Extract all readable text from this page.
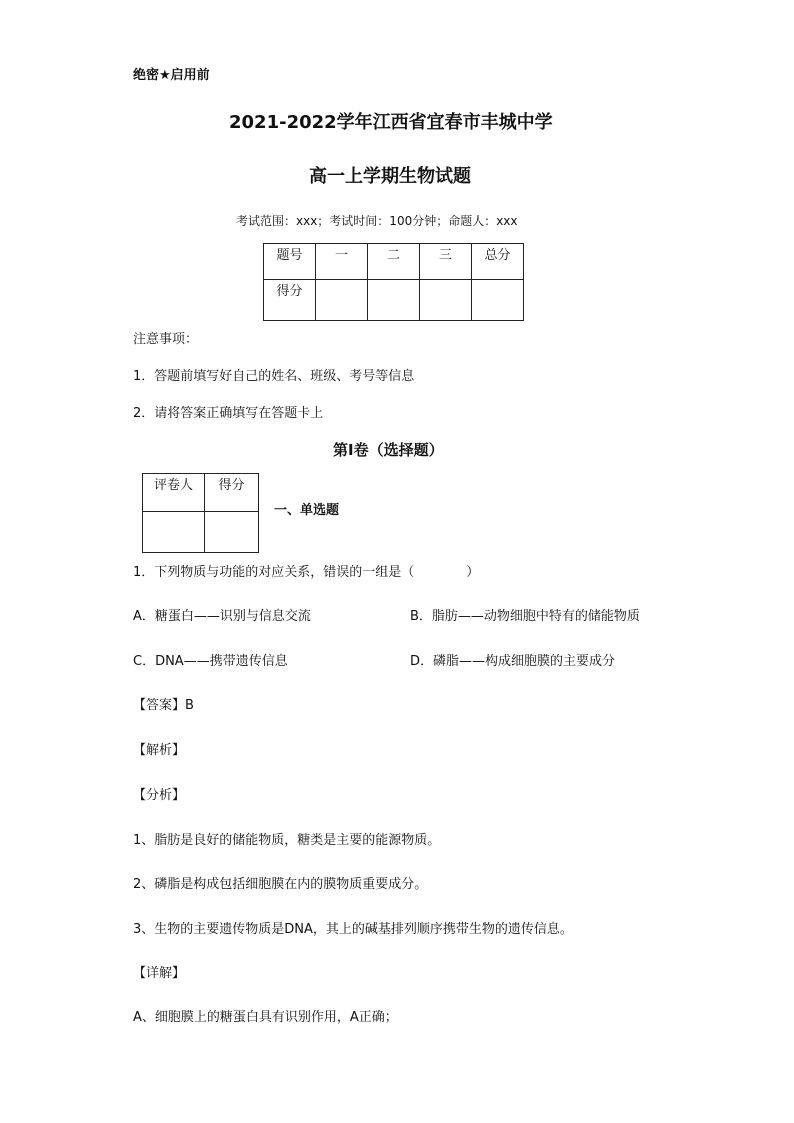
绝密★启用前
2021-2022学年江西省宜春市丰城中学
高一上学期生物试题
考试范围：xxx；考试时间：100分钟；命题人：xxx
题号	一	二	三	总分
得分				
注意事项：
1．答题前填写好自己的姓名、班级、考号等信息
2．请将答案正确填写在答题卡上
第I卷（选择题）
评卷人	得分

一、单选题
1．下列物质与功能的对应关系，错误的一组是（　　　　）
A．糖蛋白——识别与信息交流	B．脂肪——动物细胞中特有的储能物质
C．DNA——携带遗传信息	D．磷脂——构成细胞膜的主要成分
【答案】B
【解析】
【分析】
1、脂肪是良好的储能物质，糖类是主要的能源物质。
2、磷脂是构成包括细胞膜在内的膜物质重要成分。
3、生物的主要遗传物质是DNA，其上的碱基排列顺序携带生物的遗传信息。
【详解】
A、细胞膜上的糖蛋白具有识别作用，A正确；
